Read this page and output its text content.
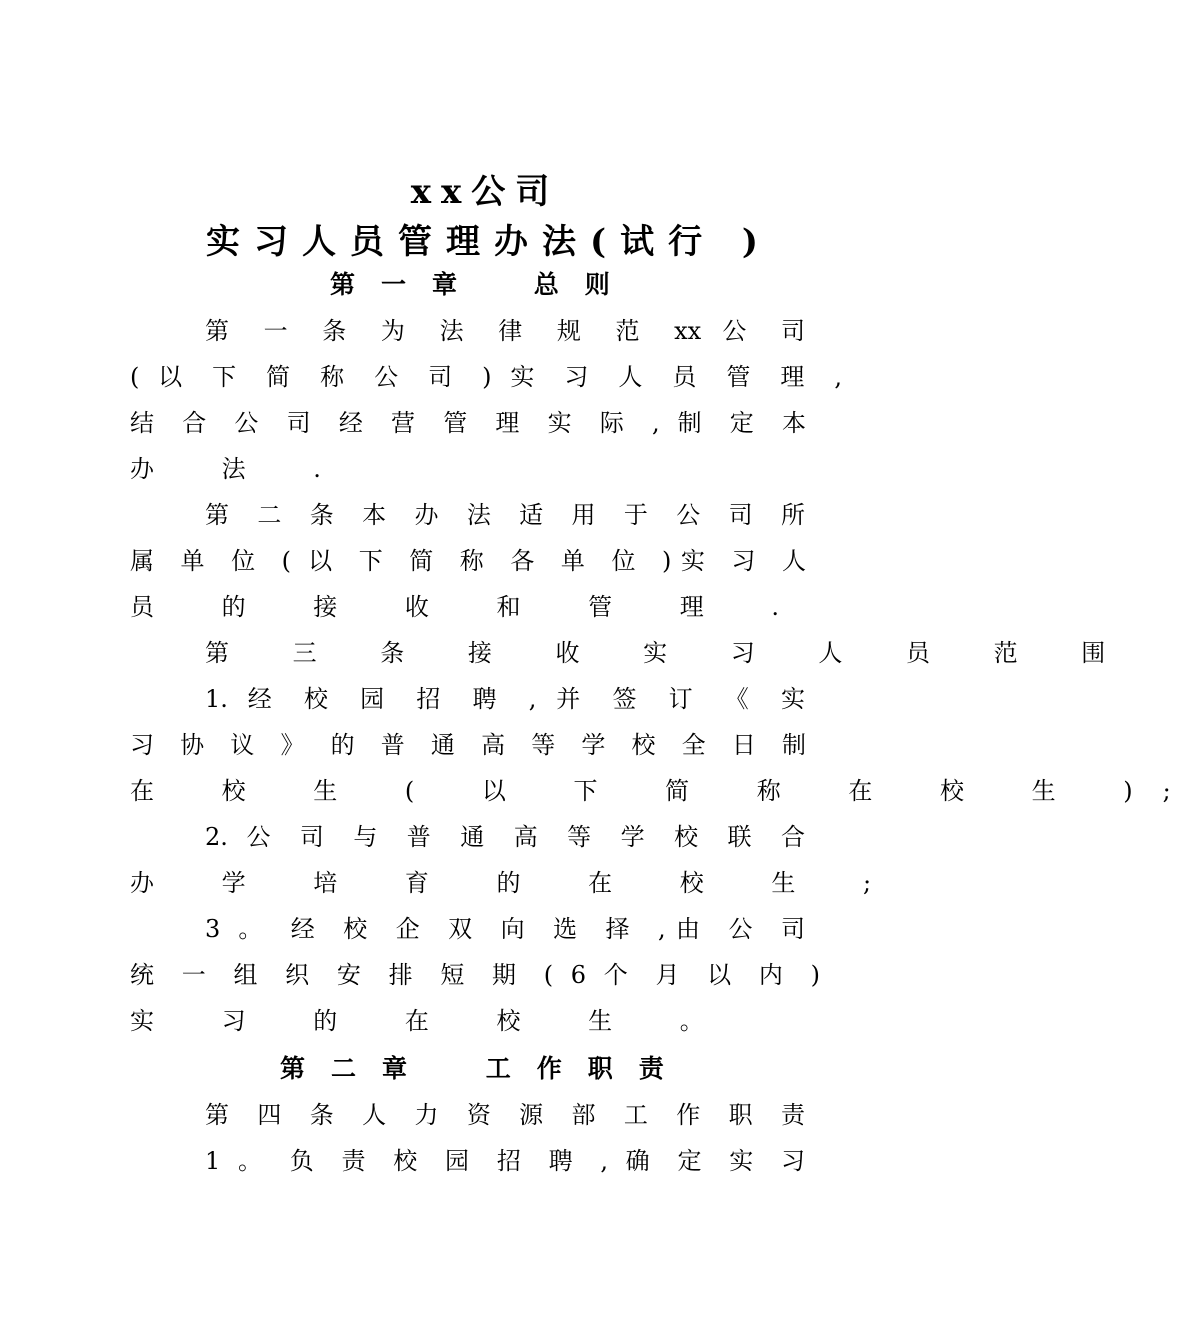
xx公司
实习人员管理办法(试行 )
第一章 总则
第 一 条 为 法 律 规 范 xx 公 司
( 以 下 简 称 公 司 ) 实 习 人 员 管 理 ,
结 合 公 司 经 营 管 理 实 际 , 制 定 本
办 法 .
第 二 条 本 办 法 适 用 于 公 司 所
属 单 位 ( 以 下 简 称 各 单 位 )实 习 人
员 的 接 收 和 管 理 .
第 三 条 接 收 实 习 人 员 范 围
1. 经 校 园 招 聘 , 并 签 订 《 实
习 协 议 》 的 普 通 高 等 学 校 全 日 制
在 校 生 ( 以 下 简 称 在 校 生 );
2. 公 司 与 普 通 高 等 学 校 联 合
办 学 培 育 的 在 校 生 ;
3 。 经 校 企 双 向 选 择 ,由 公 司
统 一 组 织 安 排 短 期 ( 6 个 月 以 内 )
实 习 的 在 校 生 。
第二章 工作职责
第 四 条 人 力 资 源 部 工 作 职 责
1 。 负 责 校 园 招 聘 , 确 定 实 习
